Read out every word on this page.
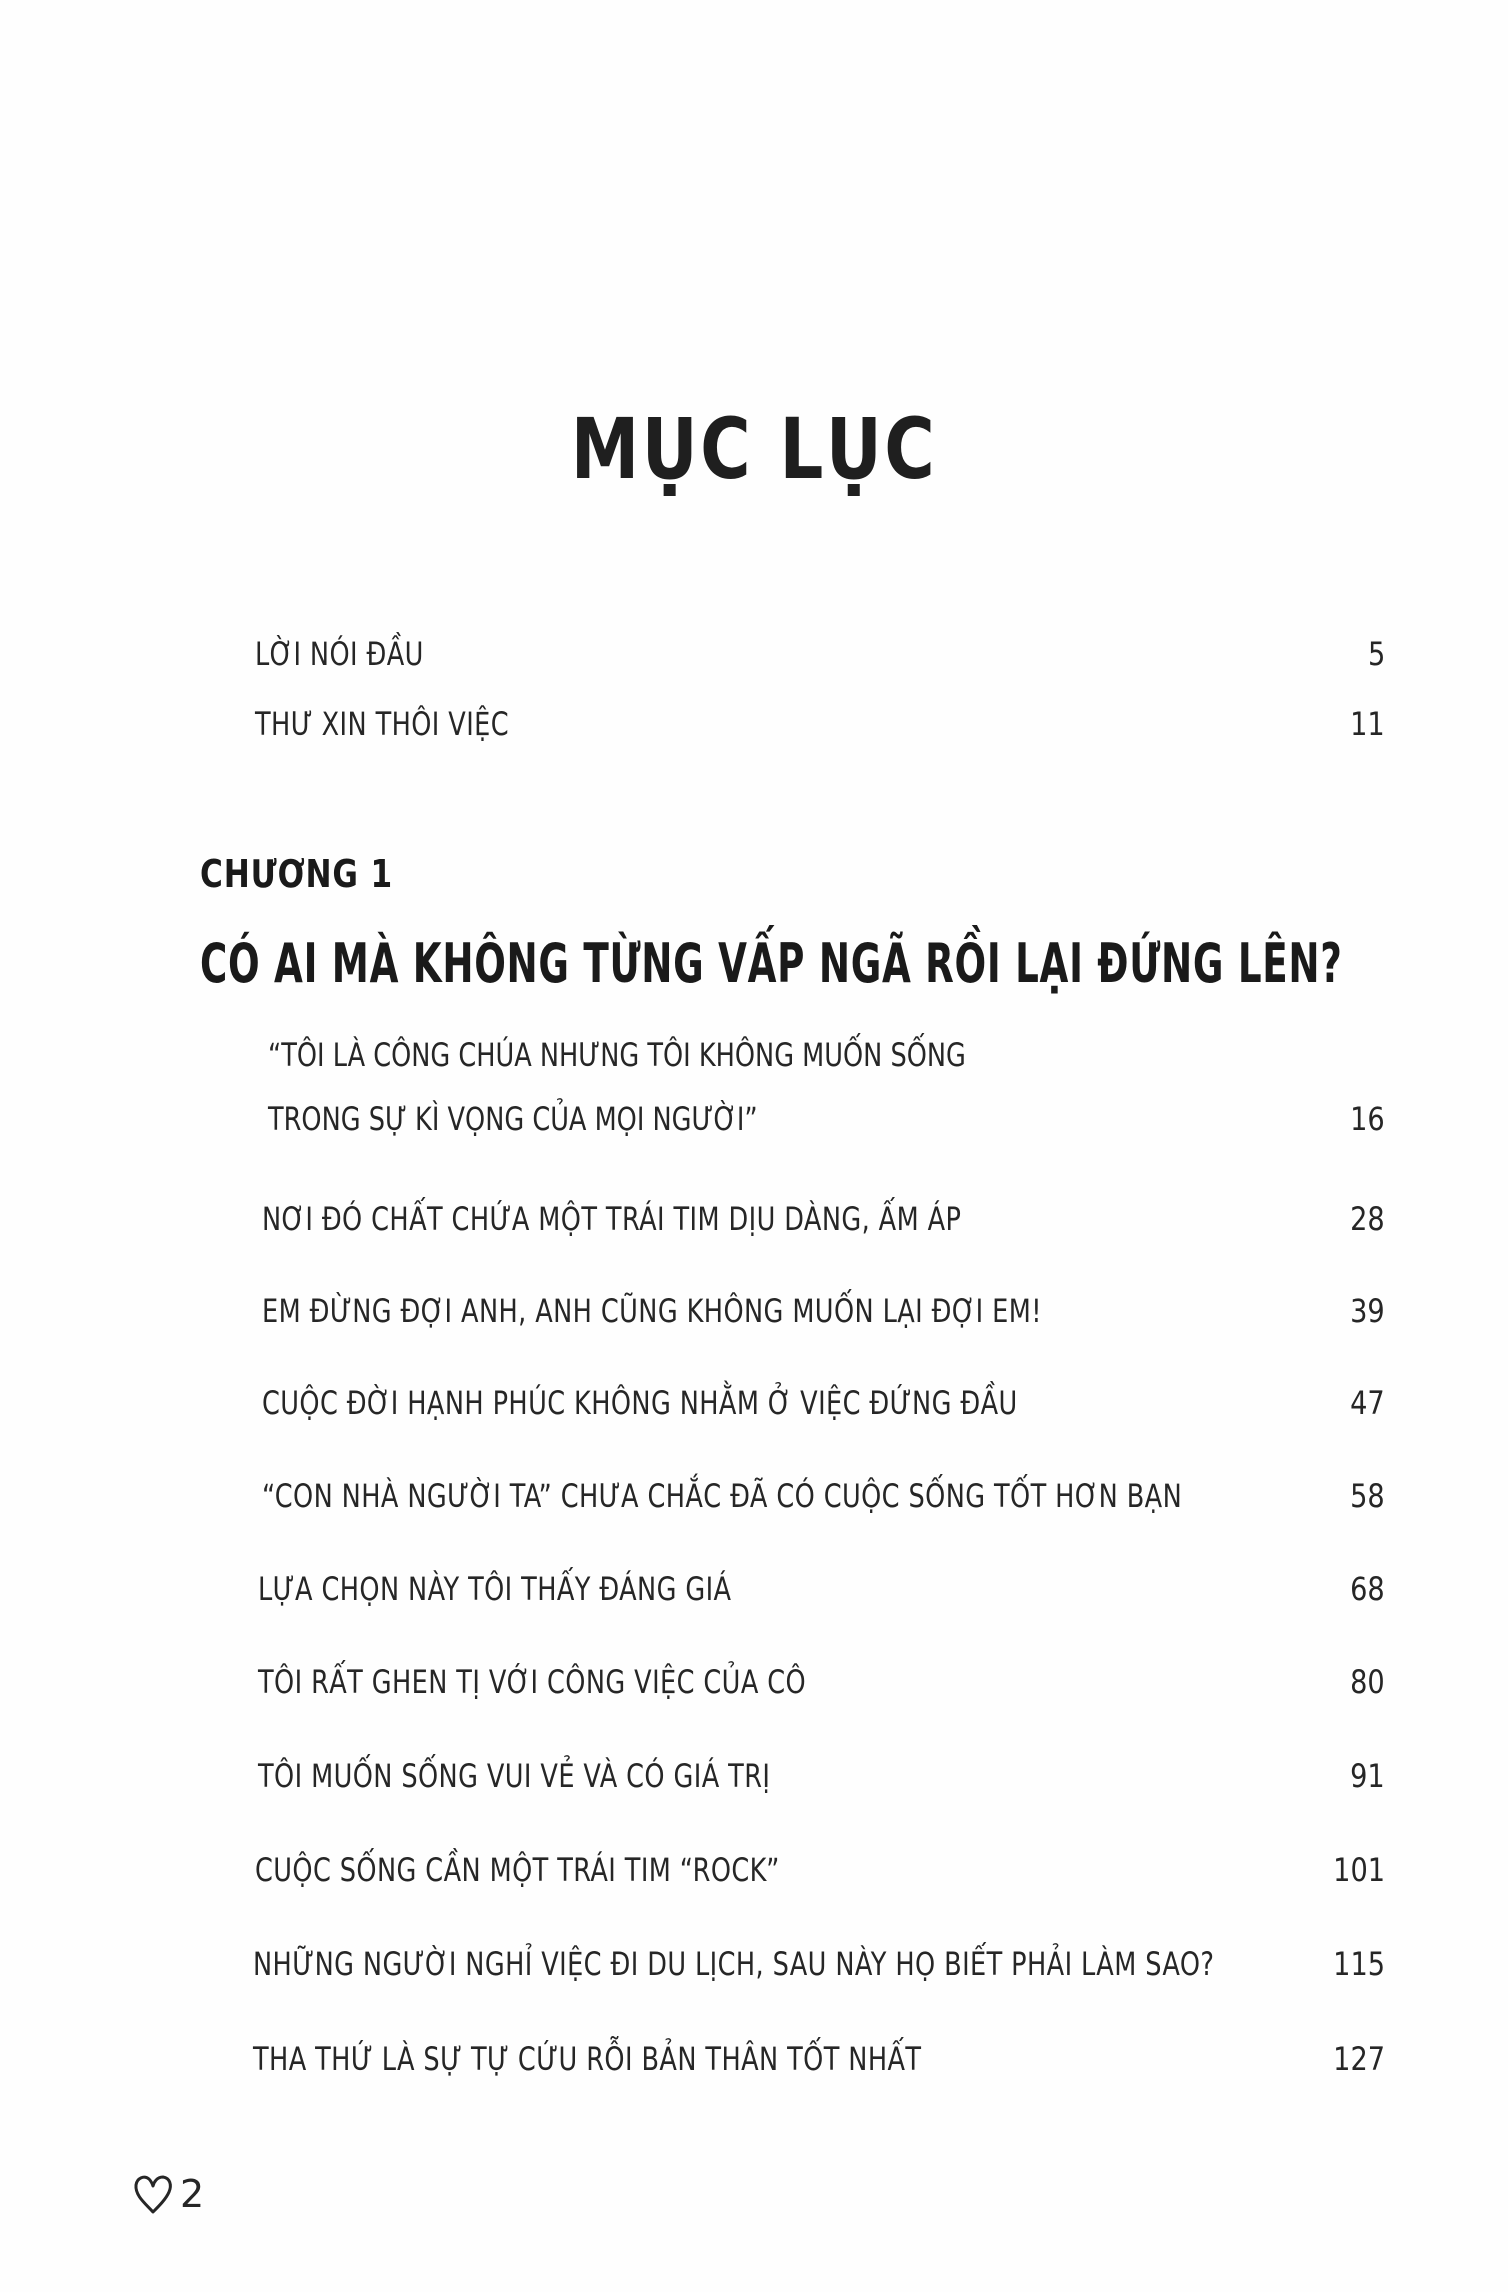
MỤC LỤC
LỜI NÓI ĐẦU	5
THƯ XIN THÔI VIỆC	11
CHƯƠNG 1
CÓ AI MÀ KHÔNG TỪNG VẤP NGÃ RỒI LẠI ĐỨNG LÊN?
“TÔI LÀ CÔNG CHÚA NHƯNG TÔI KHÔNG MUỐN SỐNG
TRONG SỰ KÌ VỌNG CỦA MỌI NGƯỜI”	16
NƠI ĐÓ CHẤT CHỨA MỘT TRÁI TIM DỊU DÀNG, ẤM ÁP	28
EM ĐỪNG ĐỢI ANH, ANH CŨNG KHÔNG MUỐN LẠI ĐỢI EM!	39
CUỘC ĐỜI HẠNH PHÚC KHÔNG NHẰM Ở VIỆC ĐỨNG ĐẦU	47
“CON NHÀ NGƯỜI TA” CHƯA CHẮC ĐÃ CÓ CUỘC SỐNG TỐT HƠN BẠN	58
LỰA CHỌN NÀY TÔI THẤY ĐÁNG GIÁ	68
TÔI RẤT GHEN TỊ VỚI CÔNG VIỆC CỦA CÔ	80
TÔI MUỐN SỐNG VUI VẺ VÀ CÓ GIÁ TRỊ	91
CUỘC SỐNG CẦN MỘT TRÁI TIM “ROCK”	101
NHỮNG NGƯỜI NGHỈ VIỆC ĐI DU LỊCH, SAU NÀY HỌ BIẾT PHẢI LÀM SAO?	115
THA THỨ LÀ SỰ TỰ CỨU RỖI BẢN THÂN TỐT NHẤT	127
2
